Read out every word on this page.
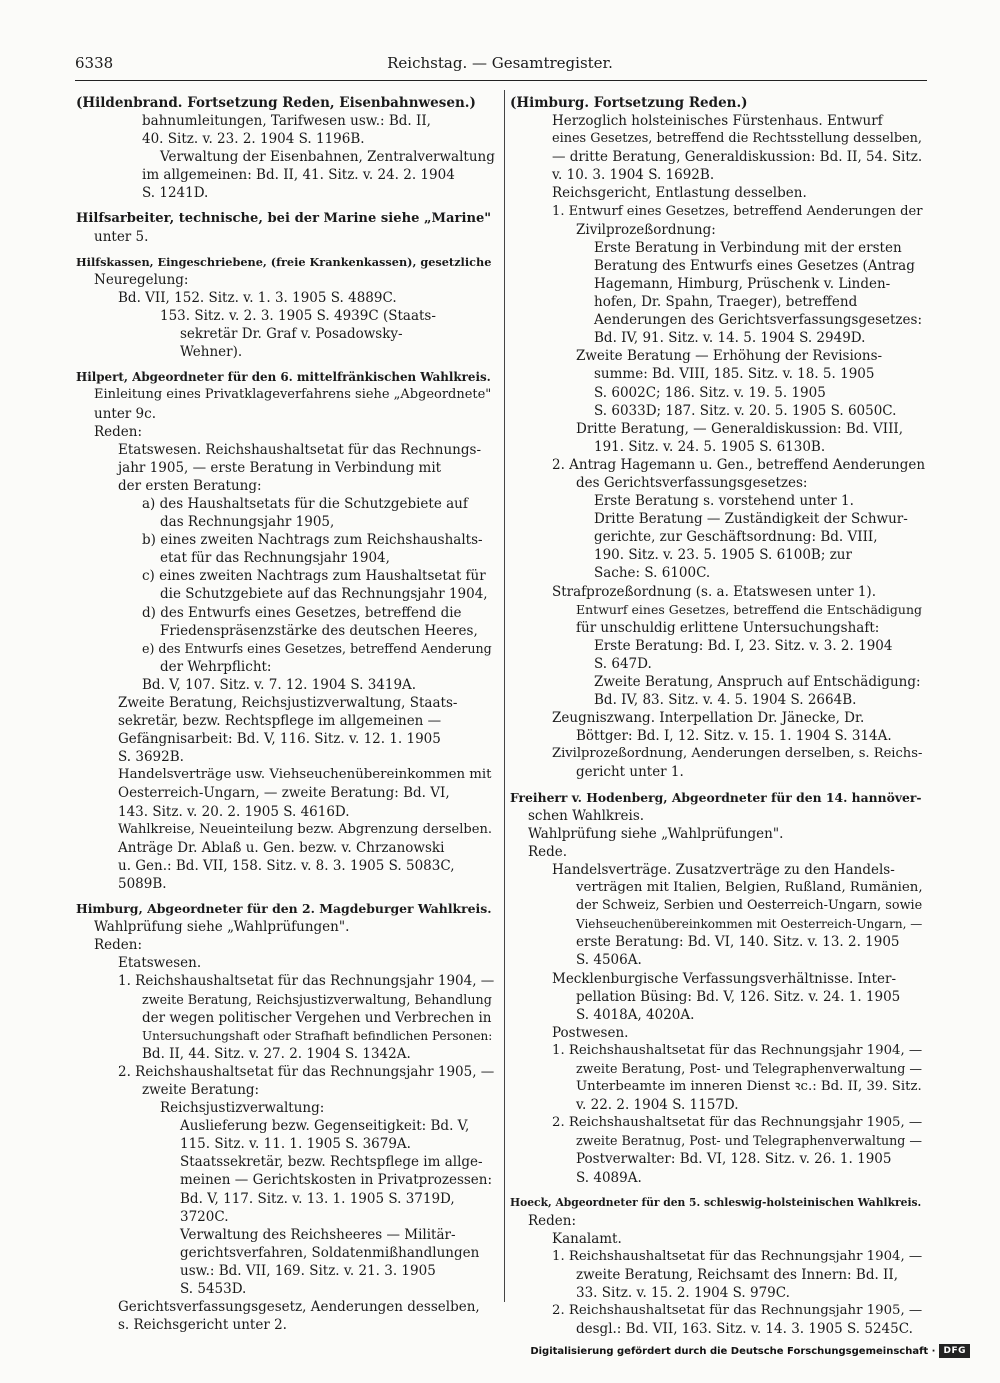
6338	Reichstag. — Gesamtregister.
(Hildenbrand. Fortsetzung Reden, Eisenbahnwesen.)
bahnumleitungen, Tarifwesen usw.: Bd. II,
40. Sitz. v. 23. 2. 1904 S. 1196B.
Verwaltung der Eisenbahnen, Zentralverwaltung
im allgemeinen: Bd. II, 41. Sitz. v. 24. 2. 1904
S. 1241D.
Hilfsarbeiter, technische, bei der Marine siehe „Marine"
unter 5.
Hilfskassen, Eingeschriebene, (freie Krankenkassen), gesetzliche
Neuregelung:
Bd. VII, 152. Sitz. v. 1. 3. 1905 S. 4889C.
153. Sitz. v. 2. 3. 1905 S. 4939C (Staats-
sekretär Dr. Graf v. Posadowsky-
Wehner).
Hilpert, Abgeordneter für den 6. mittelfränkischen Wahlkreis.
Einleitung eines Privatklageverfahrens siehe „Abgeordnete"
unter 9c.
Reden:
Etatswesen. Reichshaushaltsetat für das Rechnungs-
jahr 1905, — erste Beratung in Verbindung mit
der ersten Beratung:
a) des Haushaltsetats für die Schutzgebiete auf
das Rechnungsjahr 1905,
b) eines zweiten Nachtrags zum Reichshaushalts-
etat für das Rechnungsjahr 1904,
c) eines zweiten Nachtrags zum Haushaltsetat für
die Schutzgebiete auf das Rechnungsjahr 1904,
d) des Entwurfs eines Gesetzes, betreffend die
Friedenspräsenzstärke des deutschen Heeres,
e) des Entwurfs eines Gesetzes, betreffend Aenderung
der Wehrpflicht:
Bd. V, 107. Sitz. v. 7. 12. 1904 S. 3419A.
Zweite Beratung, Reichsjustizverwaltung, Staats-
sekretär, bezw. Rechtspflege im allgemeinen —
Gefängnisarbeit: Bd. V, 116. Sitz. v. 12. 1. 1905
S. 3692B.
Handelsverträge usw. Viehseuchenübereinkommen mit
Oesterreich-Ungarn, — zweite Beratung: Bd. VI,
143. Sitz. v. 20. 2. 1905 S. 4616D.
Wahlkreise, Neueinteilung bezw. Abgrenzung derselben.
Anträge Dr. Ablaß u. Gen. bezw. v. Chrzanowski
u. Gen.: Bd. VII, 158. Sitz. v. 8. 3. 1905 S. 5083C,
5089B.
Himburg, Abgeordneter für den 2. Magdeburger Wahlkreis.
Wahlprüfung siehe „Wahlprüfungen".
Reden:
Etatswesen.
1. Reichshaushaltsetat für das Rechnungsjahr 1904, —
zweite Beratung, Reichsjustizverwaltung, Behandlung
der wegen politischer Vergehen und Verbrechen in
Untersuchungshaft oder Strafhaft befindlichen Personen:
Bd. II, 44. Sitz. v. 27. 2. 1904 S. 1342A.
2. Reichshaushaltsetat für das Rechnungsjahr 1905, —
zweite Beratung:
Reichsjustizverwaltung:
Auslieferung bezw. Gegenseitigkeit: Bd. V,
115. Sitz. v. 11. 1. 1905 S. 3679A.
Staatssekretär, bezw. Rechtspflege im allge-
meinen — Gerichtskosten in Privatprozessen:
Bd. V, 117. Sitz. v. 13. 1. 1905 S. 3719D,
3720C.
Verwaltung des Reichsheeres — Militär-
gerichtsverfahren, Soldatenmißhandlungen
usw.: Bd. VII, 169. Sitz. v. 21. 3. 1905
S. 5453D.
Gerichtsverfassungsgesetz, Aenderungen desselben,
s. Reichsgericht unter 2.
(Himburg. Fortsetzung Reden.)
Herzoglich holsteinisches Fürstenhaus. Entwurf
eines Gesetzes, betreffend die Rechtsstellung desselben,
— dritte Beratung, Generaldiskussion: Bd. II, 54. Sitz.
v. 10. 3. 1904 S. 1692B.
Reichsgericht, Entlastung desselben.
1. Entwurf eines Gesetzes, betreffend Aenderungen der
Zivilprozeßordnung:
Erste Beratung in Verbindung mit der ersten
Beratung des Entwurfs eines Gesetzes (Antrag
Hagemann, Himburg, Prüschenk v. Linden-
hofen, Dr. Spahn, Traeger), betreffend
Aenderungen des Gerichtsverfassungsgesetzes:
Bd. IV, 91. Sitz. v. 14. 5. 1904 S. 2949D.
Zweite Beratung — Erhöhung der Revisions-
summe: Bd. VIII, 185. Sitz. v. 18. 5. 1905
S. 6002C; 186. Sitz. v. 19. 5. 1905
S. 6033D; 187. Sitz. v. 20. 5. 1905 S. 6050C.
Dritte Beratung, — Generaldiskussion: Bd. VIII,
191. Sitz. v. 24. 5. 1905 S. 6130B.
2. Antrag Hagemann u. Gen., betreffend Aenderungen
des Gerichtsverfassungsgesetzes:
Erste Beratung s. vorstehend unter 1.
Dritte Beratung — Zuständigkeit der Schwur-
gerichte, zur Geschäftsordnung: Bd. VIII,
190. Sitz. v. 23. 5. 1905 S. 6100B; zur
Sache: S. 6100C.
Strafprozeßordnung (s. a. Etatswesen unter 1).
Entwurf eines Gesetzes, betreffend die Entschädigung
für unschuldig erlittene Untersuchungshaft:
Erste Beratung: Bd. I, 23. Sitz. v. 3. 2. 1904
S. 647D.
Zweite Beratung, Anspruch auf Entschädigung:
Bd. IV, 83. Sitz. v. 4. 5. 1904 S. 2664B.
Zeugniszwang. Interpellation Dr. Jänecke, Dr.
Böttger: Bd. I, 12. Sitz. v. 15. 1. 1904 S. 314A.
Zivilprozeßordnung, Aenderungen derselben, s. Reichs-
gericht unter 1.
Freiherr v. Hodenberg, Abgeordneter für den 14. hannöver-
schen Wahlkreis.
Wahlprüfung siehe „Wahlprüfungen".
Rede.
Handelsverträge. Zusatzverträge zu den Handels-
verträgen mit Italien, Belgien, Rußland, Rumänien,
der Schweiz, Serbien und Oesterreich-Ungarn, sowie
Viehseuchenübereinkommen mit Oesterreich-Ungarn, —
erste Beratung: Bd. VI, 140. Sitz. v. 13. 2. 1905
S. 4506A.
Mecklenburgische Verfassungsverhältnisse. Inter-
pellation Büsing: Bd. V, 126. Sitz. v. 24. 1. 1905
S. 4018A, 4020A.
Postwesen.
1. Reichshaushaltsetat für das Rechnungsjahr 1904, —
zweite Beratung, Post- und Telegraphenverwaltung —
Unterbeamte im inneren Dienst ꝛc.: Bd. II, 39. Sitz.
v. 22. 2. 1904 S. 1157D.
2. Reichshaushaltsetat für das Rechnungsjahr 1905, —
zweite Beratnug, Post- und Telegraphenverwaltung —
Postverwalter: Bd. VI, 128. Sitz. v. 26. 1. 1905
S. 4089A.
Hoeck, Abgeordneter für den 5. schleswig-holsteinischen Wahlkreis.
Reden:
Kanalamt.
1. Reichshaushaltsetat für das Rechnungsjahr 1904, —
zweite Beratung, Reichsamt des Innern: Bd. II,
33. Sitz. v. 15. 2. 1904 S. 979C.
2. Reichshaushaltsetat für das Rechnungsjahr 1905, —
desgl.: Bd. VII, 163. Sitz. v. 14. 3. 1905 S. 5245C.
Digitalisierung gefördert durch die Deutsche Forschungsgemeinschaft · DFG
